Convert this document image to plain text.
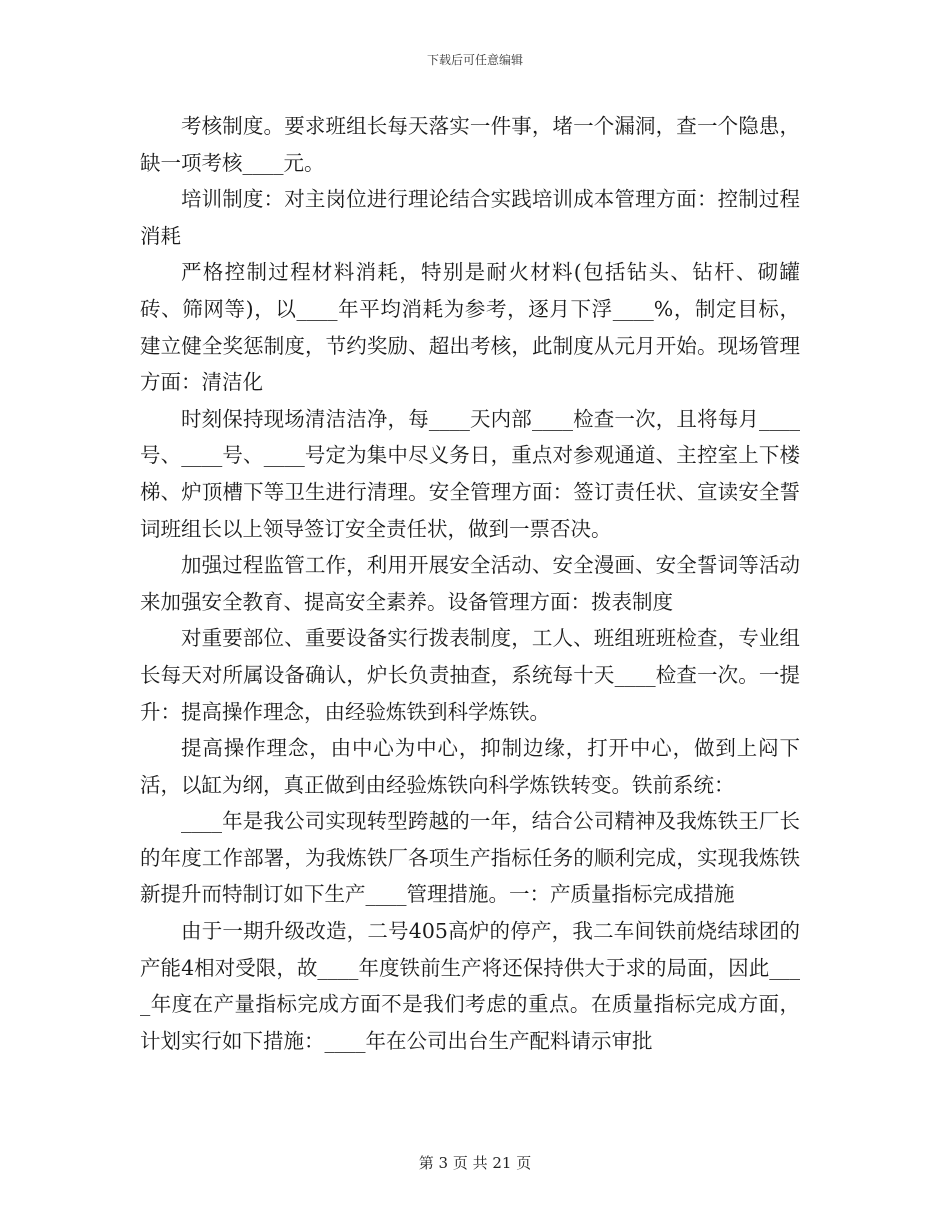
下载后可任意编辑

考核制度。要求班组长每天落实一件事，堵一个漏洞，查一个隐患，缺一项考核____元。

培训制度：对主岗位进行理论结合实践培训成本管理方面：控制过程消耗

严格控制过程材料消耗，特别是耐火材料(包括钻头、钻杆、砌罐砖、筛网等)，以____年平均消耗为参考，逐月下浮____%，制定目标，建立健全奖惩制度，节约奖励、超出考核，此制度从元月开始。现场管理方面：清洁化

时刻保持现场清洁洁净，每____天内部____检查一次，且将每月____号、____号、____号定为集中尽义务日，重点对参观通道、主控室上下楼梯、炉顶槽下等卫生进行清理。安全管理方面：签订责任状、宣读安全誓词班组长以上领导签订安全责任状，做到一票否决。

加强过程监管工作，利用开展安全活动、安全漫画、安全誓词等活动来加强安全教育、提高安全素养。设备管理方面：拨表制度

对重要部位、重要设备实行拨表制度，工人、班组班班检查，专业组长每天对所属设备确认，炉长负责抽查，系统每十天____检查一次。一提升：提高操作理念，由经验炼铁到科学炼铁。

提高操作理念，由中心为中心，抑制边缘，打开中心，做到上闷下活，以缸为纲，真正做到由经验炼铁向科学炼铁转变。铁前系统：

____年是我公司实现转型跨越的一年，结合公司精神及我炼铁王厂长的年度工作部署，为我炼铁厂各项生产指标任务的顺利完成，实现我炼铁新提升而特制订如下生产____管理措施。一：产质量指标完成措施

由于一期升级改造，二号405高炉的停产，我二车间铁前烧结球团的产能4相对受限，故____年度铁前生产将还保持供大于求的局面，因此____年度在产量指标完成方面不是我们考虑的重点。在质量指标完成方面，计划实行如下措施：____年在公司出台生产配料请示审批

第 3 页 共 21 页
